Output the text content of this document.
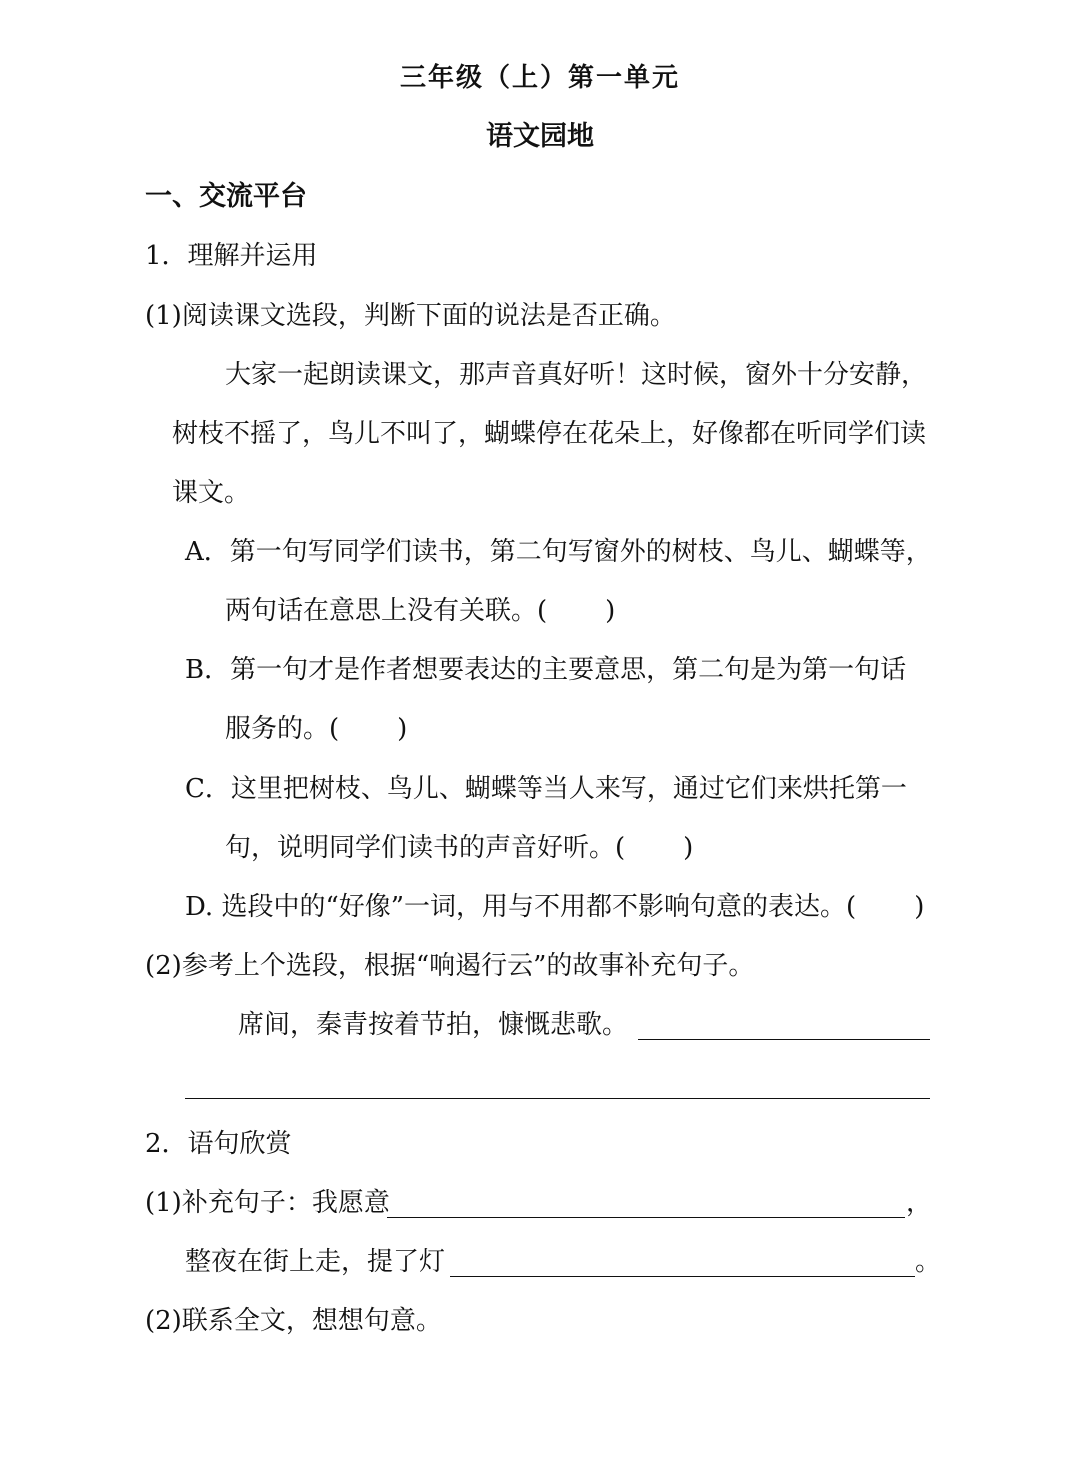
三年级（上）第一单元
语文园地
一、交流平台
1．理解并运用
(1)阅读课文选段，判断下面的说法是否正确。
大家一起朗读课文，那声音真好听！这时候，窗外十分安静，
树枝不摇了，鸟儿不叫了，蝴蝶停在花朵上，好像都在听同学们读
课文。
A．第一句写同学们读书，第二句写窗外的树枝、鸟儿、蝴蝶等，
两句话在意思上没有关联。( )
B．第一句才是作者想要表达的主要意思，第二句是为第一句话
服务的。( )
C．这里把树枝、鸟儿、蝴蝶等当人来写，通过它们来烘托第一
句，说明同学们读书的声音好听。( )
D. 选段中的“好像”一词，用与不用都不影响句意的表达。( )
(2)参考上个选段，根据“响遏行云”的故事补充句子。
席间，秦青按着节拍，慷慨悲歌。
2．语句欣赏
(1)补充句子：我愿意	，
整夜在街上走，提了灯	。
(2)联系全文，想想句意。
